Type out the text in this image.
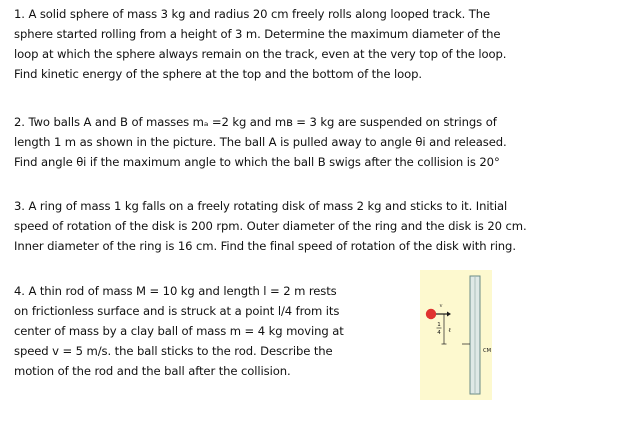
1. A solid sphere of mass 3 kg and radius 20 cm freely rolls along looped track. The
sphere started rolling from a height of 3 m. Determine the maximum diameter of the
loop at which the sphere always remain on the track, even at the very top of the loop.
Find kinetic energy of the sphere at the top and the bottom of the loop.
2. Two balls A and B of masses mₐ =2 kg and mʙ = 3 kg are suspended on strings of
length 1 m as shown in the picture. The ball A is pulled away to angle θi and released.
Find angle θi if the maximum angle to which the ball B swigs after the collision is 20°
3. A ring of mass 1 kg falls on a freely rotating disk of mass 2 kg and sticks to it. Initial
speed of rotation of the disk is 200 rpm. Outer diameter of the ring and the disk is 20 cm.
Inner diameter of the ring is 16 cm. Find the final speed of rotation of the disk with ring.
4. A thin rod of mass M = 10 kg and length l = 2 m rests
on frictionless surface and is struck at a point l/4 from its
center of mass by a clay ball of mass m = 4 kg moving at
speed v = 5 m/s. the ball sticks to the rod. Describe the
motion of the rod and the ball after the collision.
v
1
4 ℓ
CM
